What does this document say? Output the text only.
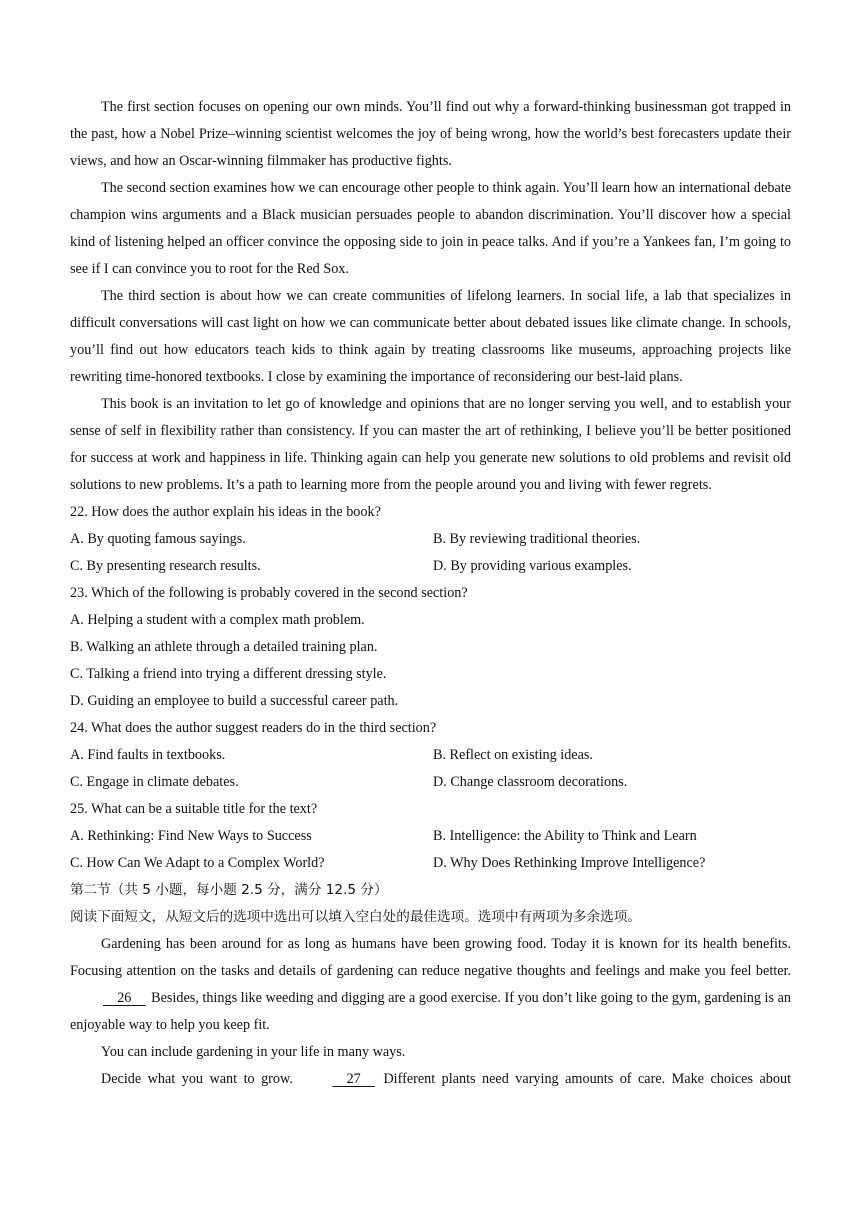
The first section focuses on opening our own minds. You’ll find out why a forward-thinking businessman got trapped in the past, how a Nobel Prize–winning scientist welcomes the joy of being wrong, how the world’s best forecasters update their views, and how an Oscar-winning filmmaker has productive fights.

The second section examines how we can encourage other people to think again. You’ll learn how an international debate champion wins arguments and a Black musician persuades people to abandon discrimination. You’ll discover how a special kind of listening helped an officer convince the opposing side to join in peace talks. And if you’re a Yankees fan, I’m going to see if I can convince you to root for the Red Sox.

The third section is about how we can create communities of lifelong learners. In social life, a lab that specializes in difficult conversations will cast light on how we can communicate better about debated issues like climate change. In schools, you’ll find out how educators teach kids to think again by treating classrooms like museums, approaching projects like rewriting time-honored textbooks. I close by examining the importance of reconsidering our best-laid plans.

This book is an invitation to let go of knowledge and opinions that are no longer serving you well, and to establish your sense of self in flexibility rather than consistency. If you can master the art of rethinking, I believe you’ll be better positioned for success at work and happiness in life. Thinking again can help you generate new solutions to old problems and revisit old solutions to new problems. It’s a path to learning more from the people around you and living with fewer regrets.

22. How does the author explain his ideas in the book?

A. By quoting famous sayings.	B. By reviewing traditional theories.
C. By presenting research results.	D. By providing various examples.

23. Which of the following is probably covered in the second section?

A. Helping a student with a complex math problem.

B. Walking an athlete through a detailed training plan.

C. Talking a friend into trying a different dressing style.

D. Guiding an employee to build a successful career path.

24. What does the author suggest readers do in the third section?

A. Find faults in textbooks.	B. Reflect on existing ideas.
C. Engage in climate debates.	D. Change classroom decorations.

25. What can be a suitable title for the text?

A. Rethinking: Find New Ways to Success	B. Intelligence: the Ability to Think and Learn
C. How Can We Adapt to a Complex World?	D. Why Does Rethinking Improve Intelligence?

第二节（共 5 小题，每小题 2.5 分，满分 12.5 分）

阅读下面短文，从短文后的选项中选出可以填入空白处的最佳选项。选项中有两项为多余选项。

Gardening has been around for as long as humans have been growing food. Today it is known for its health benefits. Focusing attention on the tasks and details of gardening can reduce negative thoughts and feelings and make you feel better. 26 Besides, things like weeding and digging are a good exercise. If you don’t like going to the gym, gardening is an enjoyable way to help you keep fit.

You can include gardening in your life in many ways.

Decide what you want to grow.	27 Different plants need varying amounts of care. Make choices about
